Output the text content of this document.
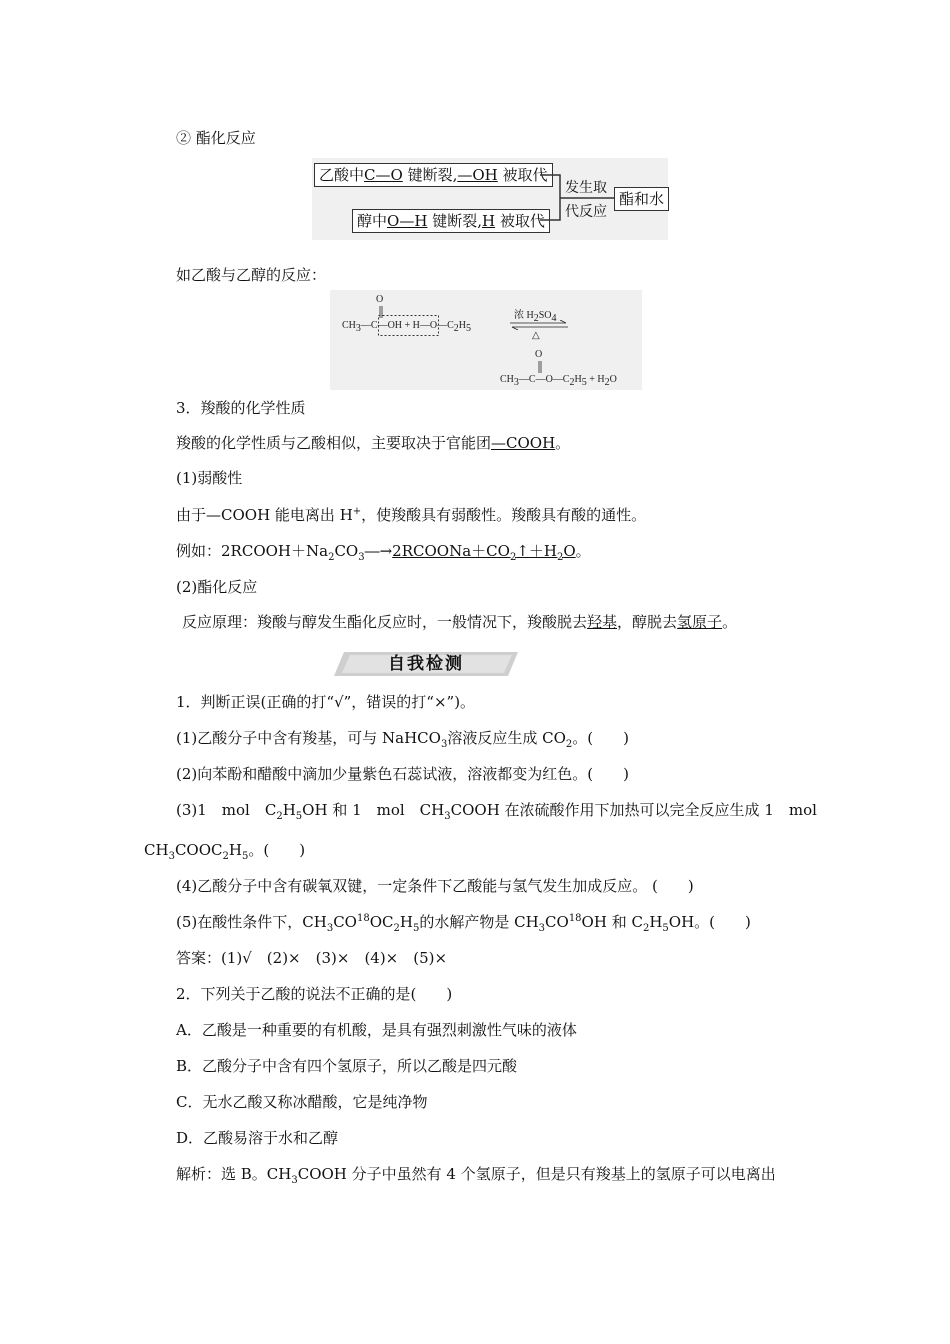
② 酯化反应
乙酸中C—O 键断裂,—OH 被取代
醇中O—H 键断裂,H 被取代
发生取
代反应
酯和水
如乙酸与乙醇的反应：
O
$CH_3—C—OH$ + $H—O—C_2H_5$
浓 $H_2SO_4$
△
O
$CH_3—C—O—C_2H_5 + H_2O$
3．羧酸的化学性质
羧酸的化学性质与乙酸相似，主要取决于官能团—COOH。
(1)弱酸性
由于—COOH 能电离出 H+，使羧酸具有弱酸性。羧酸具有酸的通性。
例如：$2RCOOH+Na_2CO_3―\to 2RCOONa+CO_2↑+H_2O$。
(2)酯化反应
反应原理：羧酸与醇发生酯化反应时，一般情况下，羧酸脱去羟基，醇脱去氢原子。
自我检测
1．判断正误(正确的打“√”，错误的打“×”)。
(1)乙酸分子中含有羧基，可与 NaHCO$_3$溶液反应生成 $CO_2$。(　　)
(2)向苯酚和醋酸中滴加少量紫色石蕊试液，溶液都变为红色。(　　)
(3)1　mol　$C_2H_5OH$ 和 1　mol　$CH_3COOH$ 在浓硫酸作用下加热可以完全反应生成 1　mol
$CH_3COOC_2H_5$。(　　)
(4)乙酸分子中含有碳氧双键，一定条件下乙酸能与氢气发生加成反应。 (　　)
(5)在酸性条件下，$CH_3CO^{18}OC_2H_5$的水解产物是 $CH_3CO^{18}OH$ 和 $C_2H_5OH$。(　　)
答案：(1)√　(2)×　(3)×　(4)×　(5)×
2．下列关于乙酸的说法不正确的是(　　)
A．乙酸是一种重要的有机酸，是具有强烈刺激性气味的液体
B．乙酸分子中含有四个氢原子，所以乙酸是四元酸
C．无水乙酸又称冰醋酸，它是纯净物
D．乙酸易溶于水和乙醇
解析：选 B。$CH_3COOH$ 分子中虽然有 4 个氢原子，但是只有羧基上的氢原子可以电离出
